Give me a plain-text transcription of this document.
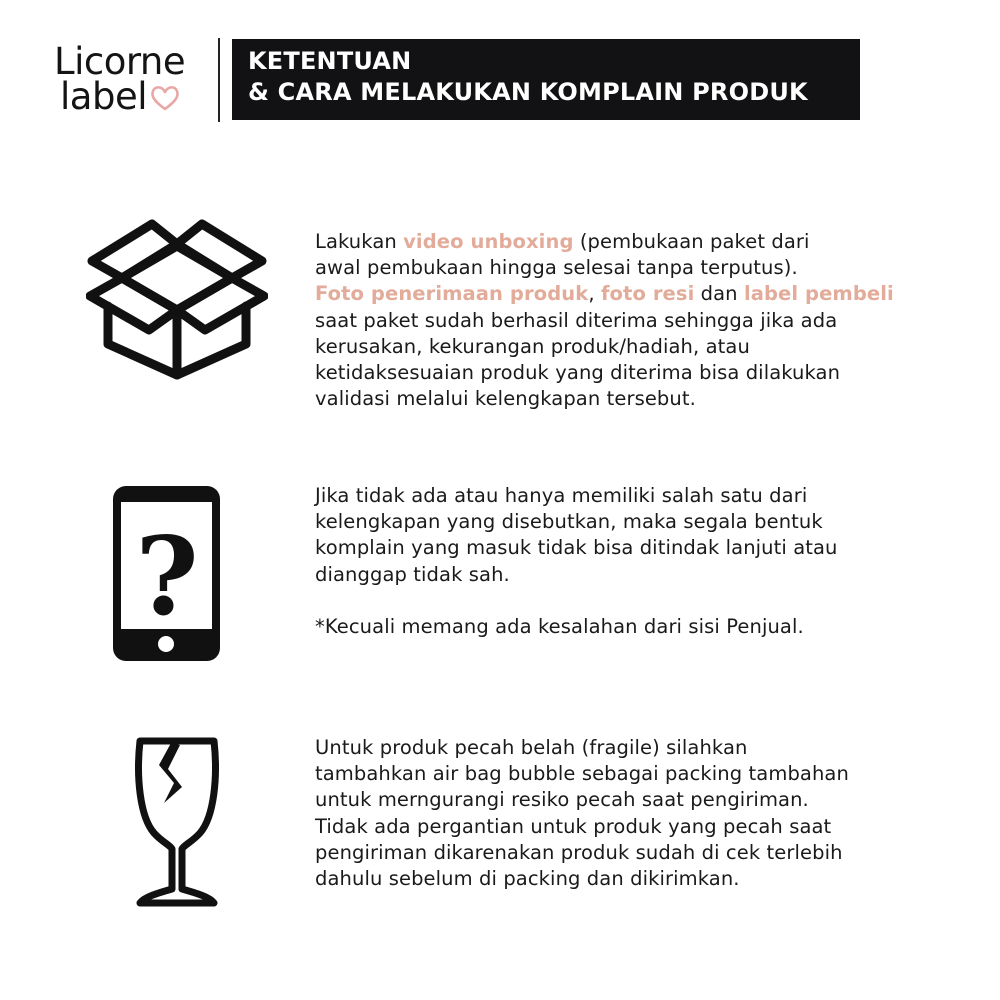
Licorne
label
KETENTUAN
& CARA MELAKUKAN KOMPLAIN PRODUK
Lakukan video unboxing (pembukaan paket dari
awal pembukaan hingga selesai tanpa terputus).
Foto penerimaan produk, foto resi dan label pembeli
saat paket sudah berhasil diterima sehingga jika ada
kerusakan, kekurangan produk/hadiah, atau
ketidaksesuaian produk yang diterima bisa dilakukan
validasi melalui kelengkapan tersebut.
?
Jika tidak ada atau hanya memiliki salah satu dari
kelengkapan yang disebutkan, maka segala bentuk
komplain yang masuk tidak bisa ditindak lanjuti atau
dianggap tidak sah.
*Kecuali memang ada kesalahan dari sisi Penjual.
Untuk produk pecah belah (fragile) silahkan
tambahkan air bag bubble sebagai packing tambahan
untuk merngurangi resiko pecah saat pengiriman.
Tidak ada pergantian untuk produk yang pecah saat
pengiriman dikarenakan produk sudah di cek terlebih
dahulu sebelum di packing dan dikirimkan.
